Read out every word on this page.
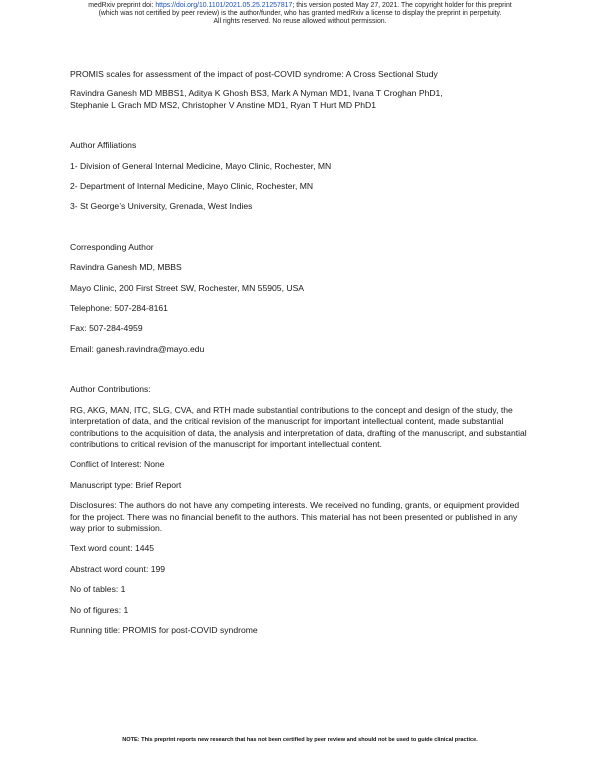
medRxiv preprint doi: https://doi.org/10.1101/2021.05.25.21257817; this version posted May 27, 2021. The copyright holder for this preprint
(which was not certified by peer review) is the author/funder, who has granted medRxiv a license to display the preprint in perpetuity.
All rights reserved. No reuse allowed without permission.

PROMIS scales for assessment of the impact of post-COVID syndrome: A Cross Sectional Study

Ravindra Ganesh MD MBBS1, Aditya K Ghosh BS3, Mark A Nyman MD1, Ivana T Croghan PhD1,

Stephanie L Grach MD MS2, Christopher V Anstine MD1, Ryan T Hurt MD PhD1

Author Affiliations

1- Division of General Internal Medicine, Mayo Clinic, Rochester, MN

2- Department of Internal Medicine, Mayo Clinic, Rochester, MN

3- St George’s University, Grenada, West Indies

Corresponding Author

Ravindra Ganesh MD, MBBS

Mayo Clinic, 200 First Street SW, Rochester, MN 55905, USA

Telephone: 507-284-8161

Fax: 507-284-4959

Email: ganesh.ravindra@mayo.edu

Author Contributions:

RG, AKG, MAN, ITC, SLG, CVA, and RTH made substantial contributions to the concept and design of the study, the interpretation of data, and the critical revision of the manuscript for important intellectual content, made substantial contributions to the acquisition of data, the analysis and interpretation of data, drafting of the manuscript, and substantial contributions to critical revision of the manuscript for important intellectual content.

Conflict of Interest: None

Manuscript type: Brief Report

Disclosures: The authors do not have any competing interests. We received no funding, grants, or equipment provided for the project. There was no financial benefit to the authors. This material has not been presented or published in any way prior to submission.

Text word count: 1445

Abstract word count: 199

No of tables: 1

No of figures: 1

Running title: PROMIS for post-COVID syndrome

NOTE: This preprint reports new research that has not been certified by peer review and should not be used to guide clinical practice.
